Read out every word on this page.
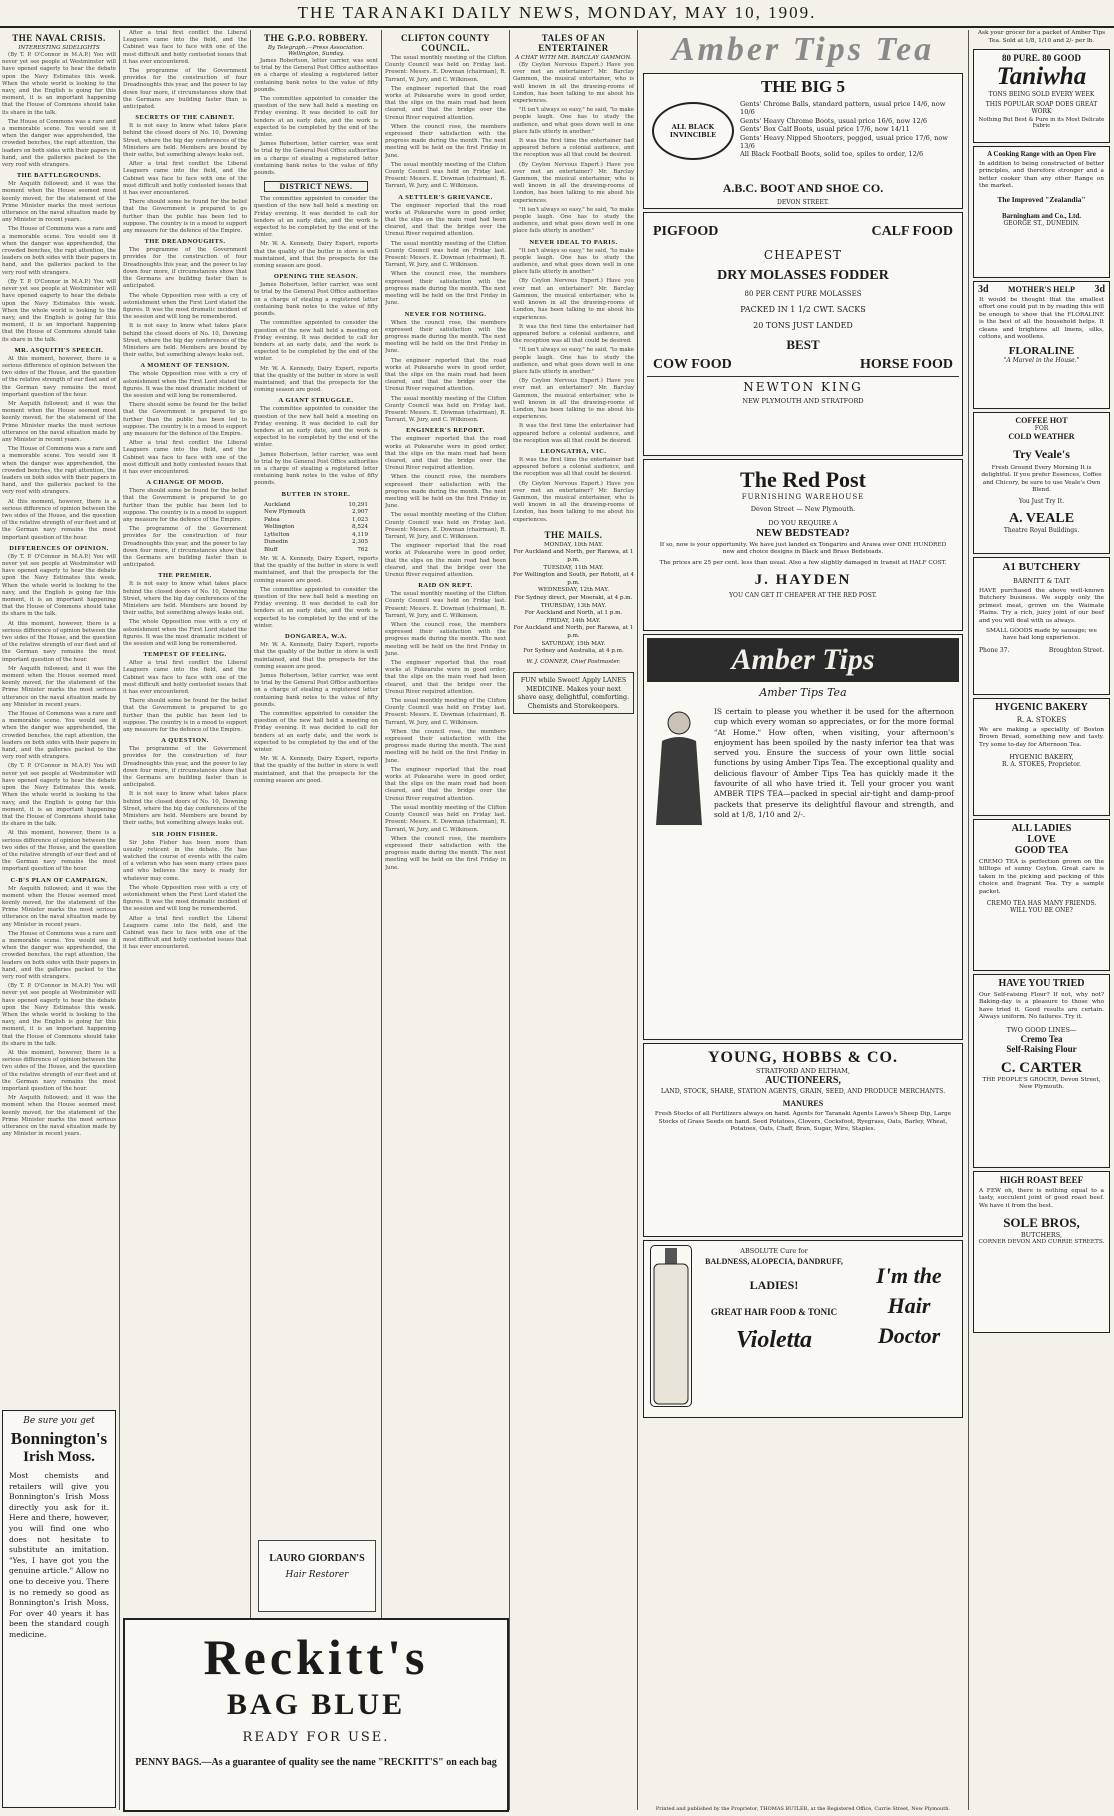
THE TARANAKI DAILY NEWS, MONDAY, MAY 10, 1909.
THE NAVAL CRISIS.
INTERESTING SIDELIGHTS

(By T. P. O'Connor in M.A.P.) You will never yet see people at Westminster will have opened eagerly to hear the debate upon the Navy Estimates this week. When the whole world is looking to the navy, and the English is going far this moment, it is an important happening that the House of Commons should take its share in the talk.

The House of Commons was a rare and a memorable scene. You would see it when the danger was apprehended, the crowded benches, the rapt attention, the leaders on both sides with their papers in hand, and the galleries packed to the very roof with strangers.

THE BATTLEGROUNDS.

Mr Asquith followed; and it was the moment when the House seemed most keenly moved, for the statement of the Prime Minister marks the most serious utterance on the naval situation made by any Minister in recent years.

The House of Commons was a rare and a memorable scene. You would see it when the danger was apprehended, the crowded benches, the rapt attention, the leaders on both sides with their papers in hand, and the galleries packed to the very roof with strangers.

(By T. P. O'Connor in M.A.P.) You will never yet see people at Westminster will have opened eagerly to hear the debate upon the Navy Estimates this week. When the whole world is looking to the navy, and the English is going far this moment, it is an important happening that the House of Commons should take its share in the talk.

MR. ASQUITH'S SPEECH.

At this moment, however, there is a serious difference of opinion between the two sides of the House, and the question of the relative strength of our fleet and of the German navy remains the most important question of the hour.

Mr Asquith followed; and it was the moment when the House seemed most keenly moved, for the statement of the Prime Minister marks the most serious utterance on the naval situation made by any Minister in recent years.

The House of Commons was a rare and a memorable scene. You would see it when the danger was apprehended, the crowded benches, the rapt attention, the leaders on both sides with their papers in hand, and the galleries packed to the very roof with strangers.

At this moment, however, there is a serious difference of opinion between the two sides of the House, and the question of the relative strength of our fleet and of the German navy remains the most important question of the hour.

DIFFERENCES OF OPINION.

(By T. P. O'Connor in M.A.P.) You will never yet see people at Westminster will have opened eagerly to hear the debate upon the Navy Estimates this week. When the whole world is looking to the navy, and the English is going far this moment, it is an important happening that the House of Commons should take its share in the talk.

At this moment, however, there is a serious difference of opinion between the two sides of the House, and the question of the relative strength of our fleet and of the German navy remains the most important question of the hour.

Mr Asquith followed; and it was the moment when the House seemed most keenly moved, for the statement of the Prime Minister marks the most serious utterance on the naval situation made by any Minister in recent years.

The House of Commons was a rare and a memorable scene. You would see it when the danger was apprehended, the crowded benches, the rapt attention, the leaders on both sides with their papers in hand, and the galleries packed to the very roof with strangers.

(By T. P. O'Connor in M.A.P.) You will never yet see people at Westminster will have opened eagerly to hear the debate upon the Navy Estimates this week. When the whole world is looking to the navy, and the English is going far this moment, it is an important happening that the House of Commons should take its share in the talk.

At this moment, however, there is a serious difference of opinion between the two sides of the House, and the question of the relative strength of our fleet and of the German navy remains the most important question of the hour.

C-B'S PLAN OF CAMPAIGN.

Mr Asquith followed; and it was the moment when the House seemed most keenly moved, for the statement of the Prime Minister marks the most serious utterance on the naval situation made by any Minister in recent years.

The House of Commons was a rare and a memorable scene. You would see it when the danger was apprehended, the crowded benches, the rapt attention, the leaders on both sides with their papers in hand, and the galleries packed to the very roof with strangers.

(By T. P. O'Connor in M.A.P.) You will never yet see people at Westminster will have opened eagerly to hear the debate upon the Navy Estimates this week. When the whole world is looking to the navy, and the English is going far this moment, it is an important happening that the House of Commons should take its share in the talk.

At this moment, however, there is a serious difference of opinion between the two sides of the House, and the question of the relative strength of our fleet and of the German navy remains the most important question of the hour.

Mr Asquith followed; and it was the moment when the House seemed most keenly moved, for the statement of the Prime Minister marks the most serious utterance on the naval situation made by any Minister in recent years.

Be sure you get
Bonnington's
Irish Moss.
Most chemists and retailers will give you Bonnington's Irish Moss directly you ask for it. Here and there, however, you will find one who does not hesitate to substitute an imitation. "Yes, I have got you the genuine article." Allow no one to deceive you. There is no remedy so good as Bonnington's Irish Moss. For over 40 years it has been the standard cough medicine.

After a trial first conflict the Liberal Leaguers came into the field, and the Cabinet was face to face with one of the most difficult and hotly contested issues that it has ever encountered.

The programme of the Government provides for the construction of four Dreadnoughts this year, and the power to lay down four more, if circumstances show that the Germans are building faster than is anticipated.

SECRETS OF THE CABINET.

It is not easy to know what takes place behind the closed doors of No. 10, Downing Street, where the big day conferences of the Ministers are held. Members are bound by their oaths, but something always leaks out.

After a trial first conflict the Liberal Leaguers came into the field, and the Cabinet was face to face with one of the most difficult and hotly contested issues that it has ever encountered.

There should some be found for the belief that the Government is prepared to go further than the public has been led to suppose. The country is in a mood to support any measure for the defence of the Empire.

THE DREADNOUGHTS.

The programme of the Government provides for the construction of four Dreadnoughts this year, and the power to lay down four more, if circumstances show that the Germans are building faster than is anticipated.

The whole Opposition rose with a cry of astonishment when the First Lord stated the figures. It was the most dramatic incident of the session and will long be remembered.

It is not easy to know what takes place behind the closed doors of No. 10, Downing Street, where the big day conferences of the Ministers are held. Members are bound by their oaths, but something always leaks out.

A MOMENT OF TENSION.

The whole Opposition rose with a cry of astonishment when the First Lord stated the figures. It was the most dramatic incident of the session and will long be remembered.

There should some be found for the belief that the Government is prepared to go further than the public has been led to suppose. The country is in a mood to support any measure for the defence of the Empire.

After a trial first conflict the Liberal Leaguers came into the field, and the Cabinet was face to face with one of the most difficult and hotly contested issues that it has ever encountered.

A CHANGE OF MOOD.

There should some be found for the belief that the Government is prepared to go further than the public has been led to suppose. The country is in a mood to support any measure for the defence of the Empire.

The programme of the Government provides for the construction of four Dreadnoughts this year, and the power to lay down four more, if circumstances show that the Germans are building faster than is anticipated.

THE PREMIER.

It is not easy to know what takes place behind the closed doors of No. 10, Downing Street, where the big day conferences of the Ministers are held. Members are bound by their oaths, but something always leaks out.

The whole Opposition rose with a cry of astonishment when the First Lord stated the figures. It was the most dramatic incident of the session and will long be remembered.

TEMPEST OF FEELING.

After a trial first conflict the Liberal Leaguers came into the field, and the Cabinet was face to face with one of the most difficult and hotly contested issues that it has ever encountered.

There should some be found for the belief that the Government is prepared to go further than the public has been led to suppose. The country is in a mood to support any measure for the defence of the Empire.

A QUESTION.

The programme of the Government provides for the construction of four Dreadnoughts this year, and the power to lay down four more, if circumstances show that the Germans are building faster than is anticipated.

It is not easy to know what takes place behind the closed doors of No. 10, Downing Street, where the big day conferences of the Ministers are held. Members are bound by their oaths, but something always leaks out.

SIR JOHN FISHER.

Sir John Fisher has been more than usually reticent in the debate. He has watched the course of events with the calm of a veteran who has seen many crises pass and who believes the navy is ready for whatever may come.

The whole Opposition rose with a cry of astonishment when the First Lord stated the figures. It was the most dramatic incident of the session and will long be remembered.

After a trial first conflict the Liberal Leaguers came into the field, and the Cabinet was face to face with one of the most difficult and hotly contested issues that it has ever encountered.

THE G.P.O. ROBBERY.
By Telegraph.—Press Association. Wellington, Sunday.

James Robertson, letter carrier, was sent to trial by the General Post Office authorities on a charge of stealing a registered letter containing bank notes to the value of fifty pounds.

The committee appointed to consider the question of the new hall held a meeting on Friday evening. It was decided to call for tenders at an early date, and the work is expected to be completed by the end of the winter.

James Robertson, letter carrier, was sent to trial by the General Post Office authorities on a charge of stealing a registered letter containing bank notes to the value of fifty pounds.

DISTRICT NEWS.

The committee appointed to consider the question of the new hall held a meeting on Friday evening. It was decided to call for tenders at an early date, and the work is expected to be completed by the end of the winter.

Mr. W. A. Kennedy, Dairy Expert, reports that the quality of the butter in store is well maintained, and that the prospects for the coming season are good.

OPENING THE SEASON.

James Robertson, letter carrier, was sent to trial by the General Post Office authorities on a charge of stealing a registered letter containing bank notes to the value of fifty pounds.

The committee appointed to consider the question of the new hall held a meeting on Friday evening. It was decided to call for tenders at an early date, and the work is expected to be completed by the end of the winter.

Mr. W. A. Kennedy, Dairy Expert, reports that the quality of the butter in store is well maintained, and that the prospects for the coming season are good.

A GIANT STRUGGLE.

The committee appointed to consider the question of the new hall held a meeting on Friday evening. It was decided to call for tenders at an early date, and the work is expected to be completed by the end of the winter.

James Robertson, letter carrier, was sent to trial by the General Post Office authorities on a charge of stealing a registered letter containing bank notes to the value of fifty pounds.

BUTTER IN STORE.
Auckland	10,291
New Plymouth	2,907
Patea	1,023
Wellington	8,524
Lyttelton	4,119
Dunedin	2,305
Bluff	762

Mr. W. A. Kennedy, Dairy Expert, reports that the quality of the butter in store is well maintained, and that the prospects for the coming season are good.

The committee appointed to consider the question of the new hall held a meeting on Friday evening. It was decided to call for tenders at an early date, and the work is expected to be completed by the end of the winter.

DONGAREA, W.A.

Mr. W. A. Kennedy, Dairy Expert, reports that the quality of the butter in store is well maintained, and that the prospects for the coming season are good.

James Robertson, letter carrier, was sent to trial by the General Post Office authorities on a charge of stealing a registered letter containing bank notes to the value of fifty pounds.

The committee appointed to consider the question of the new hall held a meeting on Friday evening. It was decided to call for tenders at an early date, and the work is expected to be completed by the end of the winter.

Mr. W. A. Kennedy, Dairy Expert, reports that the quality of the butter in store is well maintained, and that the prospects for the coming season are good.

LAURO GIORDAN'S
Hair Restorer
CLIFTON COUNTY COUNCIL.

The usual monthly meeting of the Clifton County Council was held on Friday last. Present: Messrs. E. Dowman (chairman), R. Tarrant, W. Jury, and C. Wilkinson.

The engineer reported that the road works at Pukearuhe were in good order, that the slips on the main road had been cleared, and that the bridge over the Urenui River required attention.

When the council rose, the members expressed their satisfaction with the progress made during the month. The next meeting will be held on the first Friday in June.

The usual monthly meeting of the Clifton County Council was held on Friday last. Present: Messrs. E. Dowman (chairman), R. Tarrant, W. Jury, and C. Wilkinson.

A SETTLER'S GRIEVANCE.

The engineer reported that the road works at Pukearuhe were in good order, that the slips on the main road had been cleared, and that the bridge over the Urenui River required attention.

The usual monthly meeting of the Clifton County Council was held on Friday last. Present: Messrs. E. Dowman (chairman), R. Tarrant, W. Jury, and C. Wilkinson.

When the council rose, the members expressed their satisfaction with the progress made during the month. The next meeting will be held on the first Friday in June.

NEVER FOR NOTHING.

When the council rose, the members expressed their satisfaction with the progress made during the month. The next meeting will be held on the first Friday in June.

The engineer reported that the road works at Pukearuhe were in good order, that the slips on the main road had been cleared, and that the bridge over the Urenui River required attention.

The usual monthly meeting of the Clifton County Council was held on Friday last. Present: Messrs. E. Dowman (chairman), R. Tarrant, W. Jury, and C. Wilkinson.

ENGINEER'S REPORT.

The engineer reported that the road works at Pukearuhe were in good order, that the slips on the main road had been cleared, and that the bridge over the Urenui River required attention.

When the council rose, the members expressed their satisfaction with the progress made during the month. The next meeting will be held on the first Friday in June.

The usual monthly meeting of the Clifton County Council was held on Friday last. Present: Messrs. E. Dowman (chairman), R. Tarrant, W. Jury, and C. Wilkinson.

The engineer reported that the road works at Pukearuhe were in good order, that the slips on the main road had been cleared, and that the bridge over the Urenui River required attention.

RAID ON REPT.

The usual monthly meeting of the Clifton County Council was held on Friday last. Present: Messrs. E. Dowman (chairman), R. Tarrant, W. Jury, and C. Wilkinson.

When the council rose, the members expressed their satisfaction with the progress made during the month. The next meeting will be held on the first Friday in June.

The engineer reported that the road works at Pukearuhe were in good order, that the slips on the main road had been cleared, and that the bridge over the Urenui River required attention.

The usual monthly meeting of the Clifton County Council was held on Friday last. Present: Messrs. E. Dowman (chairman), R. Tarrant, W. Jury, and C. Wilkinson.

When the council rose, the members expressed their satisfaction with the progress made during the month. The next meeting will be held on the first Friday in June.

The engineer reported that the road works at Pukearuhe were in good order, that the slips on the main road had been cleared, and that the bridge over the Urenui River required attention.

The usual monthly meeting of the Clifton County Council was held on Friday last. Present: Messrs. E. Dowman (chairman), R. Tarrant, W. Jury, and C. Wilkinson.

When the council rose, the members expressed their satisfaction with the progress made during the month. The next meeting will be held on the first Friday in June.

TALES OF AN ENTERTAINER
A CHAT WITH MR. BARCLAY GAMMON.

(By Ceylon Nervous Expert.) Have you ever met an entertainer? Mr. Barclay Gammon, the musical entertainer, who is well known in all the drawing-rooms of London, has been talking to me about his experiences.

"It isn't always so easy," he said, "to make people laugh. One has to study the audience, and what goes down well in one place fails utterly in another."

It was the first time the entertainer had appeared before a colonial audience, and the reception was all that could be desired.

(By Ceylon Nervous Expert.) Have you ever met an entertainer? Mr. Barclay Gammon, the musical entertainer, who is well known in all the drawing-rooms of London, has been talking to me about his experiences.

"It isn't always so easy," he said, "to make people laugh. One has to study the audience, and what goes down well in one place fails utterly in another."

NEVER IDEAL TO PARIS.

"It isn't always so easy," he said, "to make people laugh. One has to study the audience, and what goes down well in one place fails utterly in another."

(By Ceylon Nervous Expert.) Have you ever met an entertainer? Mr. Barclay Gammon, the musical entertainer, who is well known in all the drawing-rooms of London, has been talking to me about his experiences.

It was the first time the entertainer had appeared before a colonial audience, and the reception was all that could be desired.

"It isn't always so easy," he said, "to make people laugh. One has to study the audience, and what goes down well in one place fails utterly in another."

(By Ceylon Nervous Expert.) Have you ever met an entertainer? Mr. Barclay Gammon, the musical entertainer, who is well known in all the drawing-rooms of London, has been talking to me about his experiences.

It was the first time the entertainer had appeared before a colonial audience, and the reception was all that could be desired.

LEONGATHA, VIC.

It was the first time the entertainer had appeared before a colonial audience, and the reception was all that could be desired.

(By Ceylon Nervous Expert.) Have you ever met an entertainer? Mr. Barclay Gammon, the musical entertainer, who is well known in all the drawing-rooms of London, has been talking to me about his experiences.

THE MAILS.
MONDAY, 10th MAY.
For Auckland and North, per Rarawa, at 1 p.m.
TUESDAY, 11th MAY.
For Wellington and South, per Rotoiti, at 4 p.m.
WEDNESDAY, 12th MAY.
For Sydney direct, per Moeraki, at 4 p.m.
THURSDAY, 13th MAY.
For Auckland and North, at 1 p.m.
FRIDAY, 14th MAY.
For Auckland and North, per Rarawa, at 1 p.m.
SATURDAY, 15th MAY.
For Sydney and Australia, at 4 p.m.
W. J. CONNER, Chief Postmaster.
FUN while Sweet! Apply LANES MEDICINE. Makes your next shave easy, delightful, comforting. Chemists and Storekeepers.
Amber Tips Tea
THE BIG 5
ALL BLACK INVINCIBLE
Gents' Chrome Balls, standard pattern, usual price 14/6, now 10/6
Gents' Heavy Chrome Boots, usual price 16/6, now 12/6
Gents' Box Calf Boots, usual price 17/6, now 14/11
Gents' Heavy Nipped Shooters, pegged, usual price 17/6, now 13/6
All Black Football Boots, solid toe, spiles to order, 12/6
A.B.C. BOOT AND SHOE CO.
DEVON STREET.
PIGFOOD	CALF FOOD
CHEAPEST
DRY MOLASSES FODDER
80 PER CENT PURE MOLASSES
PACKED IN 1 1/2 CWT. SACKS
20 TONS JUST LANDED
BEST
COW FOOD	HORSE FOOD
NEWTON KING
NEW PLYMOUTH AND STRATFORD
The Red Post
FURNISHING WAREHOUSE
Devon Street — New Plymouth.
DO YOU REQUIRE A
NEW BEDSTEAD?
If so, now is your opportunity. We have just landed ex Tongariro and Arawa over ONE HUNDRED new and choice designs in Black and Brass Bedsteads.
The prices are 25 per cent. less than usual. Also a few slightly damaged in transit at HALF COST.
J. HAYDEN
YOU CAN GET IT CHEAPER AT THE RED POST.
Amber Tips
Amber Tips Tea
IS certain to please you whether it be used for the afternoon cup which every woman so appreciates, or for the more formal "At Home." How often, when visiting, your afternoon's enjoyment has been spoiled by the nasty inferior tea that was served you. Ensure the success of your own little social functions by using Amber Tips Tea. The exceptional quality and delicious flavour of Amber Tips Tea has quickly made it the favourite of all who have tried it. Tell your grocer you want AMBER TIPS TEA—packed in special air-tight and damp-proof packets that preserve its delightful flavour and strength, and sold at 1/8, 1/10 and 2/-.
YOUNG, HOBBS & CO.
STRATFORD AND ELTHAM,
AUCTIONEERS,
LAND, STOCK, SHARE, STATION AGENTS, GRAIN, SEED, AND PRODUCE MERCHANTS.
MANURES
Fresh Stocks of all Fertilizers always on hand. Agents for Taranaki Agents Lawes's Sheep Dip, Large Stocks of Grass Seeds on hand. Seed Potatoes, Clovers, Cocksfoot, Ryegrass, Oats, Barley, Wheat, Potatoes, Oats, Chaff, Bran, Sugar, Wire, Staples.
ABSOLUTE Cure for
BALDNESS, ALOPECIA, DANDRUFF,
LADIES!
GREAT HAIR FOOD & TONIC
Violetta
I'm the Hair Doctor
Ask your grocer for a packet of Amber Tips Tea. Sold at 1/8, 1/10 and 2/- per lb.
80 PURE. 80 GOOD
Taniwha
TONS BEING SOLD EVERY WEEK
THIS POPULAR SOAP DOES GREAT WORK
Nothing But Best & Pure in its Most Delicate Fabric
A Cooking Range with an Open Fire
In addition to being constructed of better principles, and therefore stronger and a better cooker than any other Range on the market.
The Improved "Zealandia"
Barningham and Co., Ltd.
GEORGE ST., DUNEDIN.
3d	3d
MOTHER'S HELP
It would be thought that the smallest effort one could put in by reading this will be enough to show that the FLORALINE is the best of all the household helps. It cleans and brightens all linens, silks, cottons, and woollens.
FLORALINE
"A Marvel in the House."
COFFEE HOT
FOR
COLD WEATHER
Try Veale's
Fresh Ground Every Morning It is delightful. If you prefer Essences, Coffee and Chicory, be sure to use Veale's Own Blend.
You Just Try It.
A. VEALE
Theatre Royal Buildings.
A1 BUTCHERY
BARNITT & TAIT
HAVE purchased the above well-known Butchery business. We supply only the primest meat, grown on the Waimate Plains. Try a rich, juicy joint of our beef and you will deal with us always.
SMALL GOODS made by sausage; we have had long experience.
Phone 37.	Broughton Street.
HYGENIC BAKERY
R. A. STOKES
We are making a speciality of Boston Brown Bread, something new and tasty. Try some to-day for Afternoon Tea.
HYGENIC BAKERY,
R. A. STOKES, Proprietor.
ALL LADIES
LOVE
GOOD TEA
CREMO TEA is perfection grown on the hilltops of sunny Ceylon. Great care is taken in the picking and packing of this choice and fragrant Tea. Try a sample packet.
CREMO TEA HAS MANY FRIENDS.
WILL YOU BE ONE?
HAVE YOU TRIED
Our Self-raising Flour? If not, why not? Baking-day is a pleasure to those who have tried it. Good results are certain. Always uniform. No failures. Try it.
TWO GOOD LINES—
Cremo Tea
Self-Raising Flour
C. CARTER
THE PEOPLE'S GROCER, Devon Street, New Plymouth.
HIGH ROAST BEEF
A FEW oh, there is nothing equal to a tasty, succulent joint of good roast beef. We have it from the best.
SOLE BROS,
BUTCHERS,
CORNER DEVON AND CURRIE STREETS.
Reckitt's
BAG BLUE
READY FOR USE.
PENNY BAGS.—As a guarantee of quality see the name "RECKITT'S" on each bag
Printed and published by the Proprietor, THOMAS BUTLER, at the Registered Office, Currie Street, New Plymouth.
